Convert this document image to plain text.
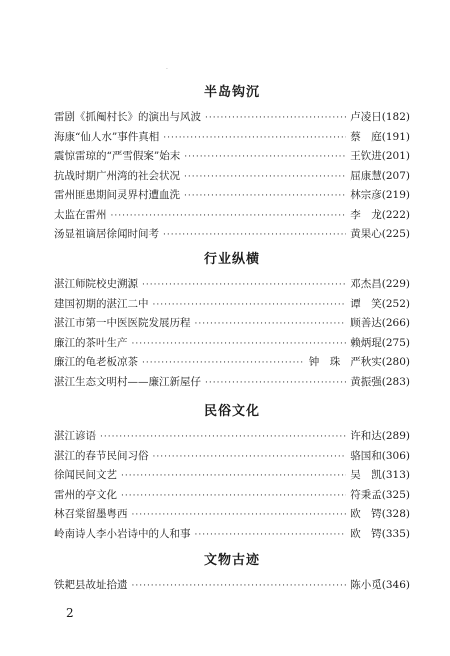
·
半岛钩沉
雷剧《抓阄村长》的演出与风波 ·····	卢凌日(182)
海康“仙人水”事件真相 ·····	蔡　庭(191)
震惊雷琼的“严雪假案”始末 ·····	王钦进(201)
抗战时期广州湾的社会状况 ·····	屈康慧(207)
雷州匪患期间灵界村遭血洗 ·····	林宗彦(219)
太监在雷州 ·····	李　龙(222)
汤显祖谪居徐闻时间考 ·····	黄果心(225)
行业纵横
湛江师院校史溯源 ·····	邓杰昌(229)
建国初期的湛江二中 ·····	谭　笑(252)
湛江市第一中医医院发展历程 ·····	顾善达(266)
廉江的茶叶生产 ·····	赖炳琨(275)
廉江的龟老板凉茶 ·····	钟　珠 严秋实(280)
湛江生态文明村——廉江新屋仔 ·····	黄振强(283)
民俗文化
湛江谚语 ·····	许和达(289)
湛江的春节民间习俗 ·····	骆国和(306)
徐闻民间文艺 ·····	吴　凯(313)
雷州的亭文化 ·····	符秉孟(325)
林召棠留墨粤西 ·····	欧　锷(328)
岭南诗人李小岩诗中的人和事 ·····	欧　锷(335)
文物古迹
铁耙县故址拾遗 ·····	陈小觅(346)
2
